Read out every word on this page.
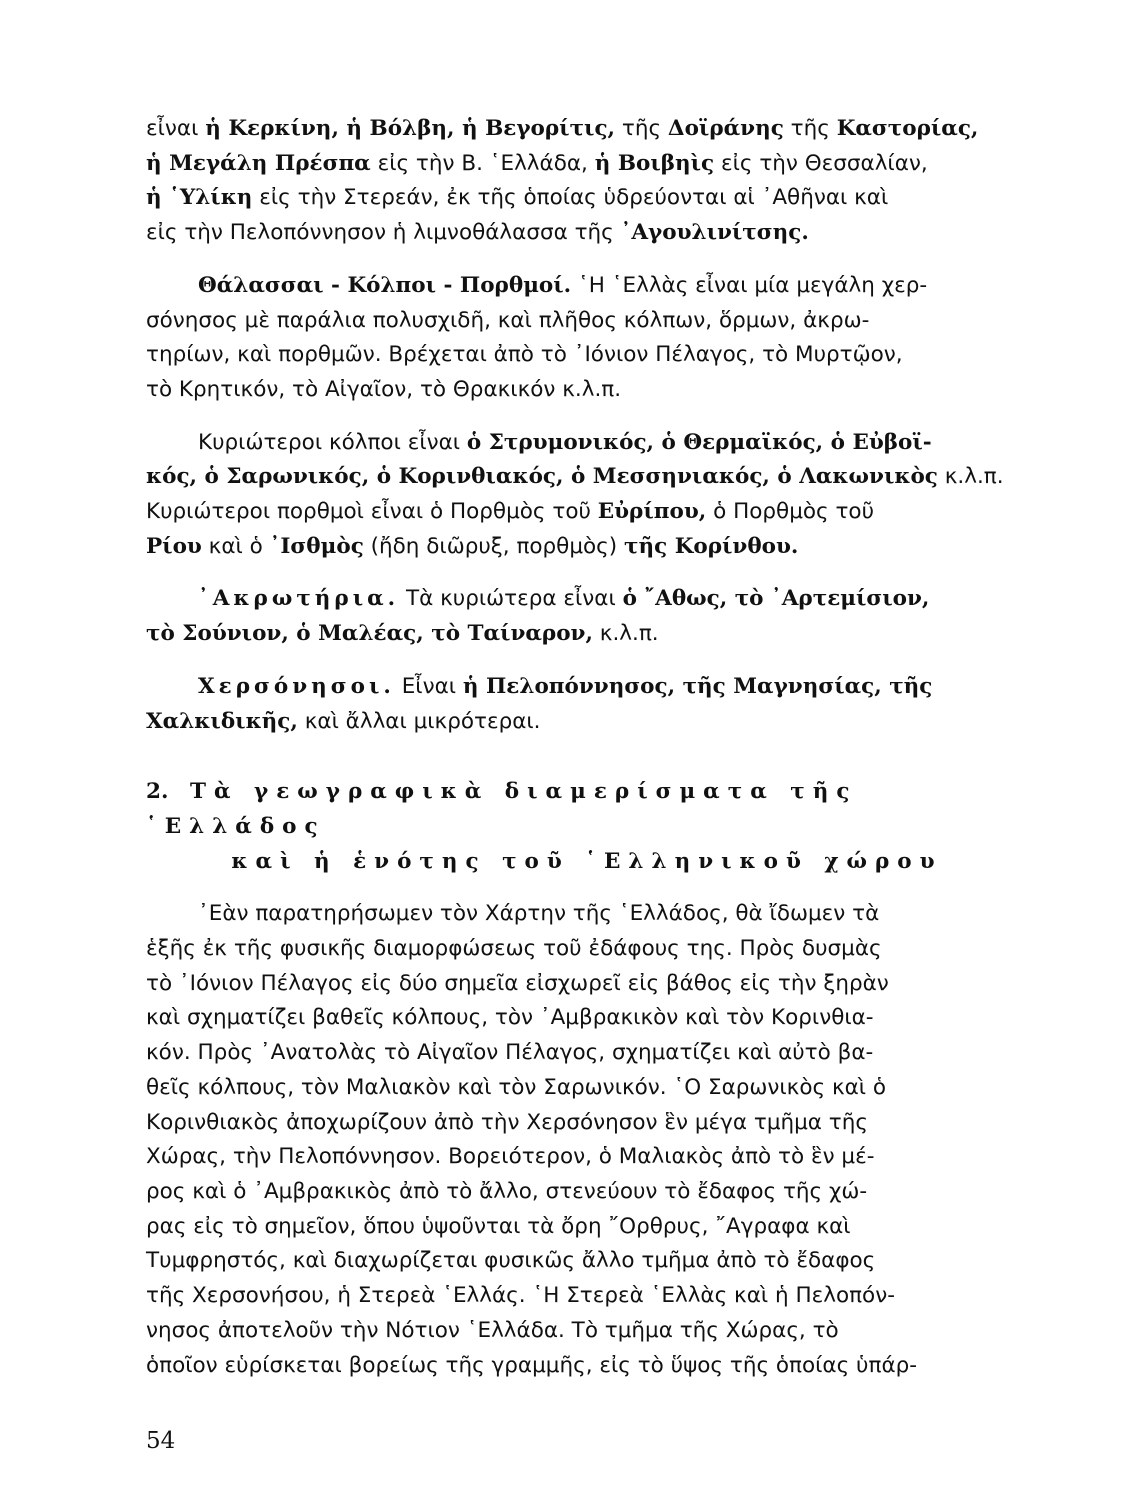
εἶναι ἡ Κερκίνη, ἡ Βόλβη, ἡ Βεγορίτις, τῆς Δοϊράνης τῆς Καστορίας,

ἡ Μεγάλη Πρέσπα εἰς τὴν Β. ῾Ελλάδα, ἡ Βοιβηὶς εἰς τὴν Θεσσαλίαν,

ἡ ῾Υλίκη εἰς τὴν Στερεάν, ἐκ τῆς ὁποίας ὑδρεύονται αἱ ᾿Αθῆναι καὶ

εἰς τὴν Πελοπόννησον ἡ λιμνοθάλασσα τῆς ᾿Αγουλινίτσης.

Θάλασσαι - Κόλποι - Πορθμοί. ῾Η ῾Ελλὰς εἶναι μία μεγάλη χερ-

σόνησος μὲ παράλια πολυσχιδῆ, καὶ πλῆθος κόλπων, ὅρμων, ἀκρω-

τηρίων, καὶ πορθμῶν. Βρέχεται ἀπὸ τὸ ᾿Ιόνιον Πέλαγος, τὸ Μυρτῷον,

τὸ Κρητικόν, τὸ Αἰγαῖον, τὸ Θρακικόν κ.λ.π.

Κυριώτεροι κόλποι εἶναι ὁ Στρυμονικός, ὁ Θερμαϊκός, ὁ Εὐβοϊ-

κός, ὁ Σαρωνικός, ὁ Κορινθιακός, ὁ Μεσσηνιακός, ὁ Λακωνικὸς κ.λ.π.

Κυριώτεροι πορθμοὶ εἶναι ὁ Πορθμὸς τοῦ Εὐρίπου, ὁ Πορθμὸς τοῦ

Ρίου καὶ ὁ ᾿Ισθμὸς (ἤδη διῶρυξ, πορθμὸς) τῆς Κορίνθου.

᾿Ακρωτήρια. Τὰ κυριώτερα εἶναι ὁ ῎Αθως, τὸ ᾿Αρτεμίσιον,

τὸ Σούνιον, ὁ Μαλέας, τὸ Ταίναρον, κ.λ.π.

Χερσόνησοι. Εἶναι ἡ Πελοπόννησος, τῆς Μαγνησίας, τῆς

Χαλκιδικῆς, καὶ ἄλλαι μικρότεραι.

2. Τὰ γεωγραφικὰ διαμερίσματα τῆς ῾Ελλάδος
καὶ ἡ ἑνότης τοῦ ῾Ελληνικοῦ χώρου

᾿Εὰν παρατηρήσωμεν τὸν Χάρτην τῆς ῾Ελλάδος, θὰ ἴδωμεν τὰ

ἑξῆς ἐκ τῆς φυσικῆς διαμορφώσεως τοῦ ἐδάφους της. Πρὸς δυσμὰς

τὸ ᾿Ιόνιον Πέλαγος εἰς δύο σημεῖα εἰσχωρεῖ εἰς βάθος εἰς τὴν ξηρὰν

καὶ σχηματίζει βαθεῖς κόλπους, τὸν ᾿Αμβρακικὸν καὶ τὸν Κορινθια-

κόν. Πρὸς ᾿Ανατολὰς τὸ Αἰγαῖον Πέλαγος, σχηματίζει καὶ αὐτὸ βα-

θεῖς κόλπους, τὸν Μαλιακὸν καὶ τὸν Σαρωνικόν. ῾Ο Σαρωνικὸς καὶ ὁ

Κορινθιακὸς ἀποχωρίζουν ἀπὸ τὴν Χερσόνησον ἓν μέγα τμῆμα τῆς

Χώρας, τὴν Πελοπόννησον. Βορειότερον, ὁ Μαλιακὸς ἀπὸ τὸ ἓν μέ-

ρος καὶ ὁ ᾿Αμβρακικὸς ἀπὸ τὸ ἄλλο, στενεύουν τὸ ἔδαφος τῆς χώ-

ρας εἰς τὸ σημεῖον, ὅπου ὑψοῦνται τὰ ὄρη ῎Ορθρυς, ῎Αγραφα καὶ

Τυμφρηστός, καὶ διαχωρίζεται φυσικῶς ἄλλο τμῆμα ἀπὸ τὸ ἔδαφος

τῆς Χερσονήσου, ἡ Στερεὰ ῾Ελλάς. ῾Η Στερεὰ ῾Ελλὰς καὶ ἡ Πελοπόν-

νησος ἀποτελοῦν τὴν Νότιον ῾Ελλάδα. Τὸ τμῆμα τῆς Χώρας, τὸ

ὁποῖον εὑρίσκεται βορείως τῆς γραμμῆς, εἰς τὸ ὕψος τῆς ὁποίας ὑπάρ-

54
